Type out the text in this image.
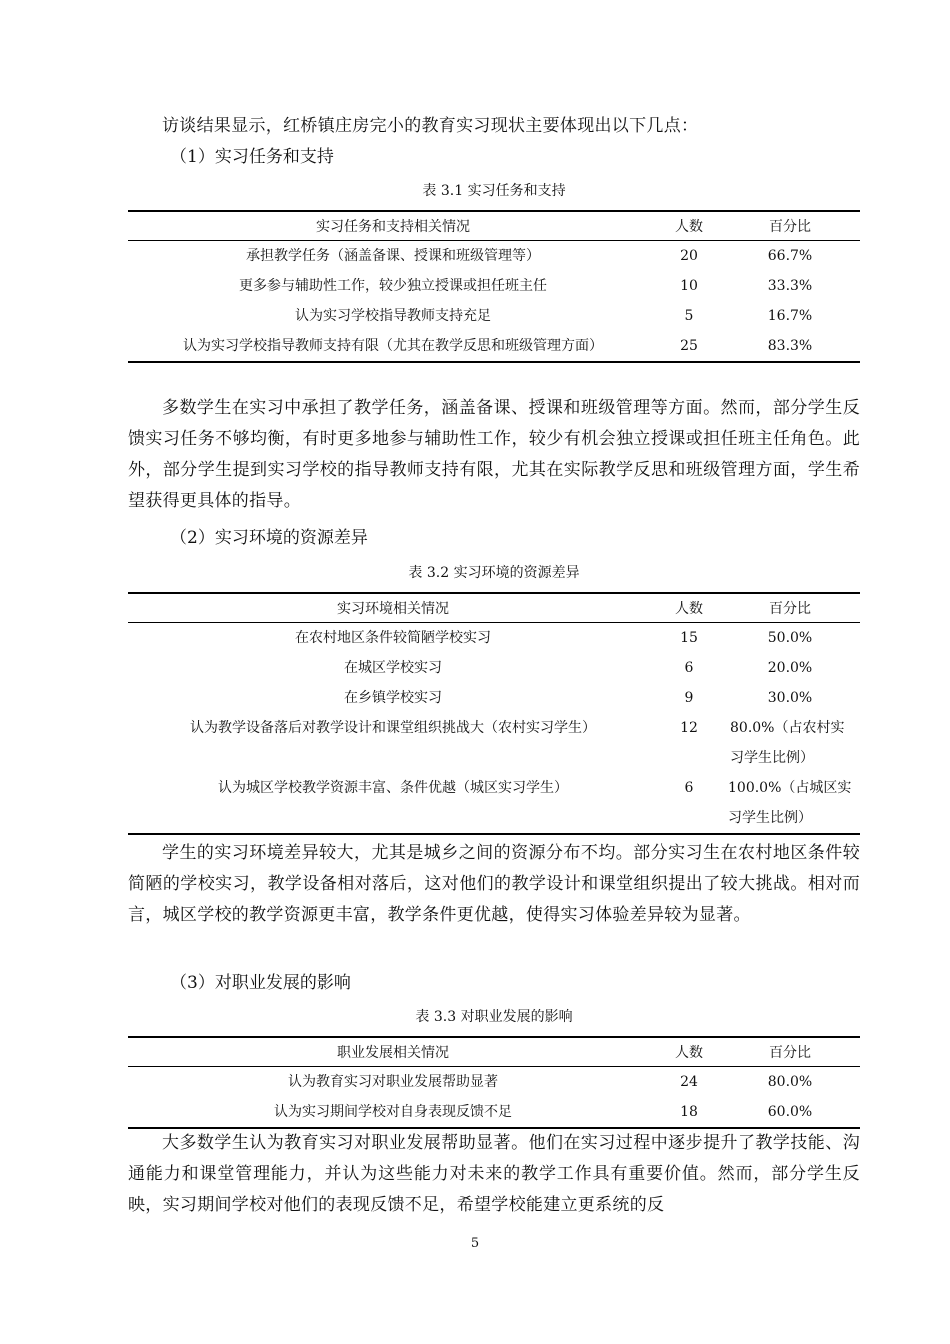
访谈结果显示，红桥镇庄房完小的教育实习现状主要体现出以下几点：

（1）实习任务和支持
表 3.1 实习任务和支持
实习任务和支持相关情况	人数	百分比
承担教学任务（涵盖备课、授课和班级管理等）	20	66.7%
更多参与辅助性工作，较少独立授课或担任班主任	10	33.3%
认为实习学校指导教师支持充足	5	16.7%
认为实习学校指导教师支持有限（尤其在教学反思和班级管理方面）	25	83.3%

多数学生在实习中承担了教学任务，涵盖备课、授课和班级管理等方面。然而，部分学生反馈实习任务不够均衡，有时更多地参与辅助性工作，较少有机会独立授课或担任班主任角色。此外，部分学生提到实习学校的指导教师支持有限，尤其在实际教学反思和班级管理方面，学生希望获得更具体的指导。

（2）实习环境的资源差异
表 3.2 实习环境的资源差异
实习环境相关情况	人数	百分比
在农村地区条件较简陋学校实习	15	50.0%
在城区学校实习	6	20.0%
在乡镇学校实习	9	30.0%
认为教学设备落后对教学设计和课堂组织挑战大（农村实习学生）	12	80.0%（占农村实习学生比例）

认为城区学校教学资源丰富、条件优越（城区实习学生）	6	100.0%（占城区实习学生比例）

学生的实习环境差异较大，尤其是城乡之间的资源分布不均。部分实习生在农村地区条件较简陋的学校实习，教学设备相对落后，这对他们的教学设计和课堂组织提出了较大挑战。相对而言，城区学校的教学资源更丰富，教学条件更优越，使得实习体验差异较为显著。

（3）对职业发展的影响
表 3.3 对职业发展的影响
职业发展相关情况	人数	百分比
认为教育实习对职业发展帮助显著	24	80.0%
认为实习期间学校对自身表现反馈不足	18	60.0%

大多数学生认为教育实习对职业发展帮助显著。他们在实习过程中逐步提升了教学技能、沟通能力和课堂管理能力，并认为这些能力对未来的教学工作具有重要价值。然而，部分学生反映，实习期间学校对他们的表现反馈不足，希望学校能建立更系统的反

5
